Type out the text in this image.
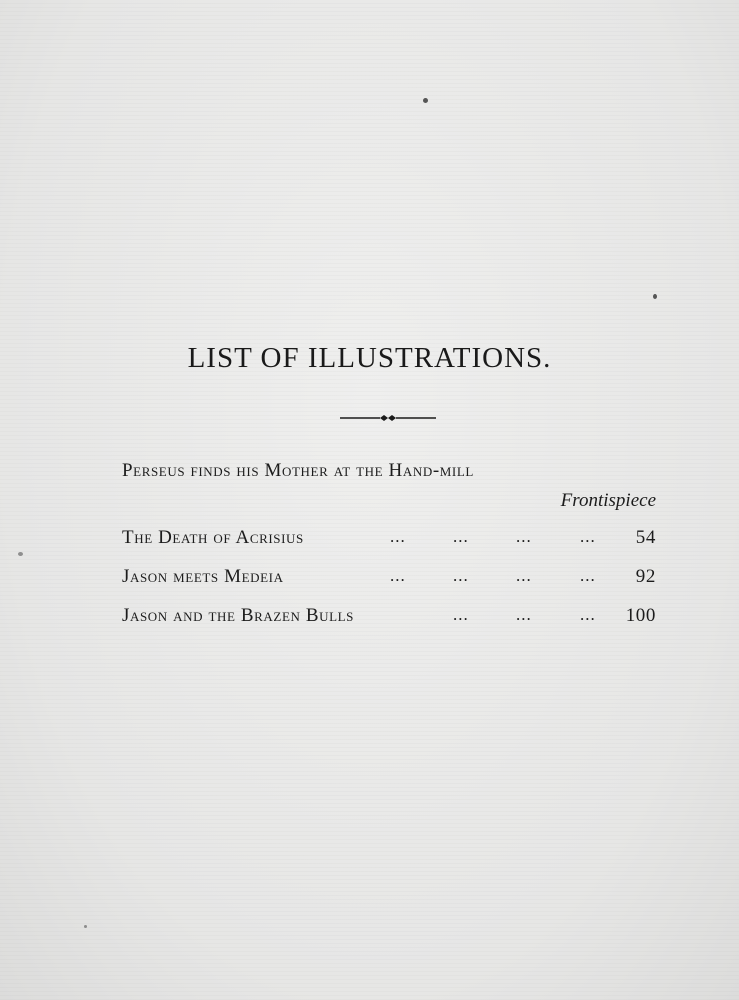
LIST OF ILLUSTRATIONS.
Perseus finds his Mother at the Hand-mill
Frontispiece
The Death of Acrisius	...	...	...	... 54
Jason meets Medeia	...	...	...	... 92
Jason and the Brazen Bulls	...	...	... 100
